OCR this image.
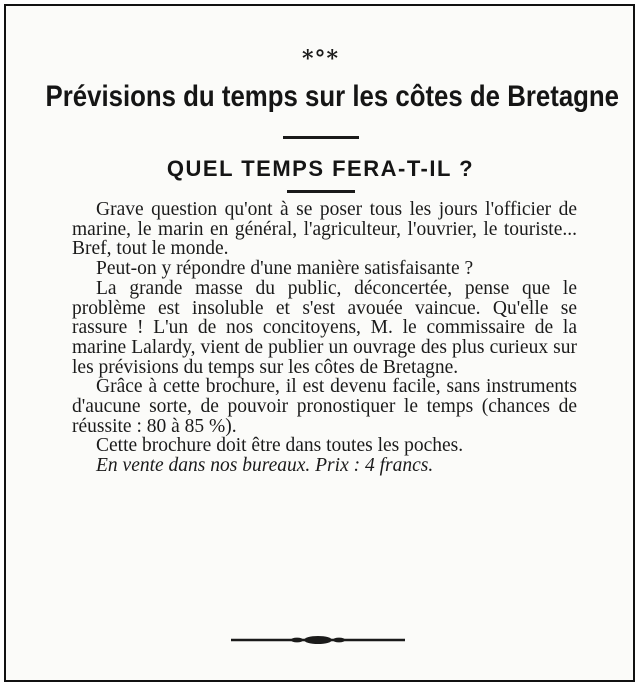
*°*
Prévisions du temps sur les côtes de Bretagne
QUEL TEMPS FERA-T-IL ?

Grave question qu'ont à se poser tous les jours l'officier de marine, le marin en général, l'agriculteur, l'ouvrier, le touriste... Bref, tout le monde.

Peut-on y répondre d'une manière satisfaisante ?

La grande masse du public, déconcertée, pense que le problème est insoluble et s'est avouée vaincue. Qu'elle se rassure ! L'un de nos concitoyens, M. le commissaire de la marine Lalardy, vient de publier un ouvrage des plus curieux sur les prévisions du temps sur les côtes de Bretagne.

Grâce à cette brochure, il est devenu facile, sans instruments d'aucune sorte, de pouvoir pronostiquer le temps (chances de réussite : 80 à 85 %).

Cette brochure doit être dans toutes les poches.

En vente dans nos bureaux. Prix : 4 francs.
